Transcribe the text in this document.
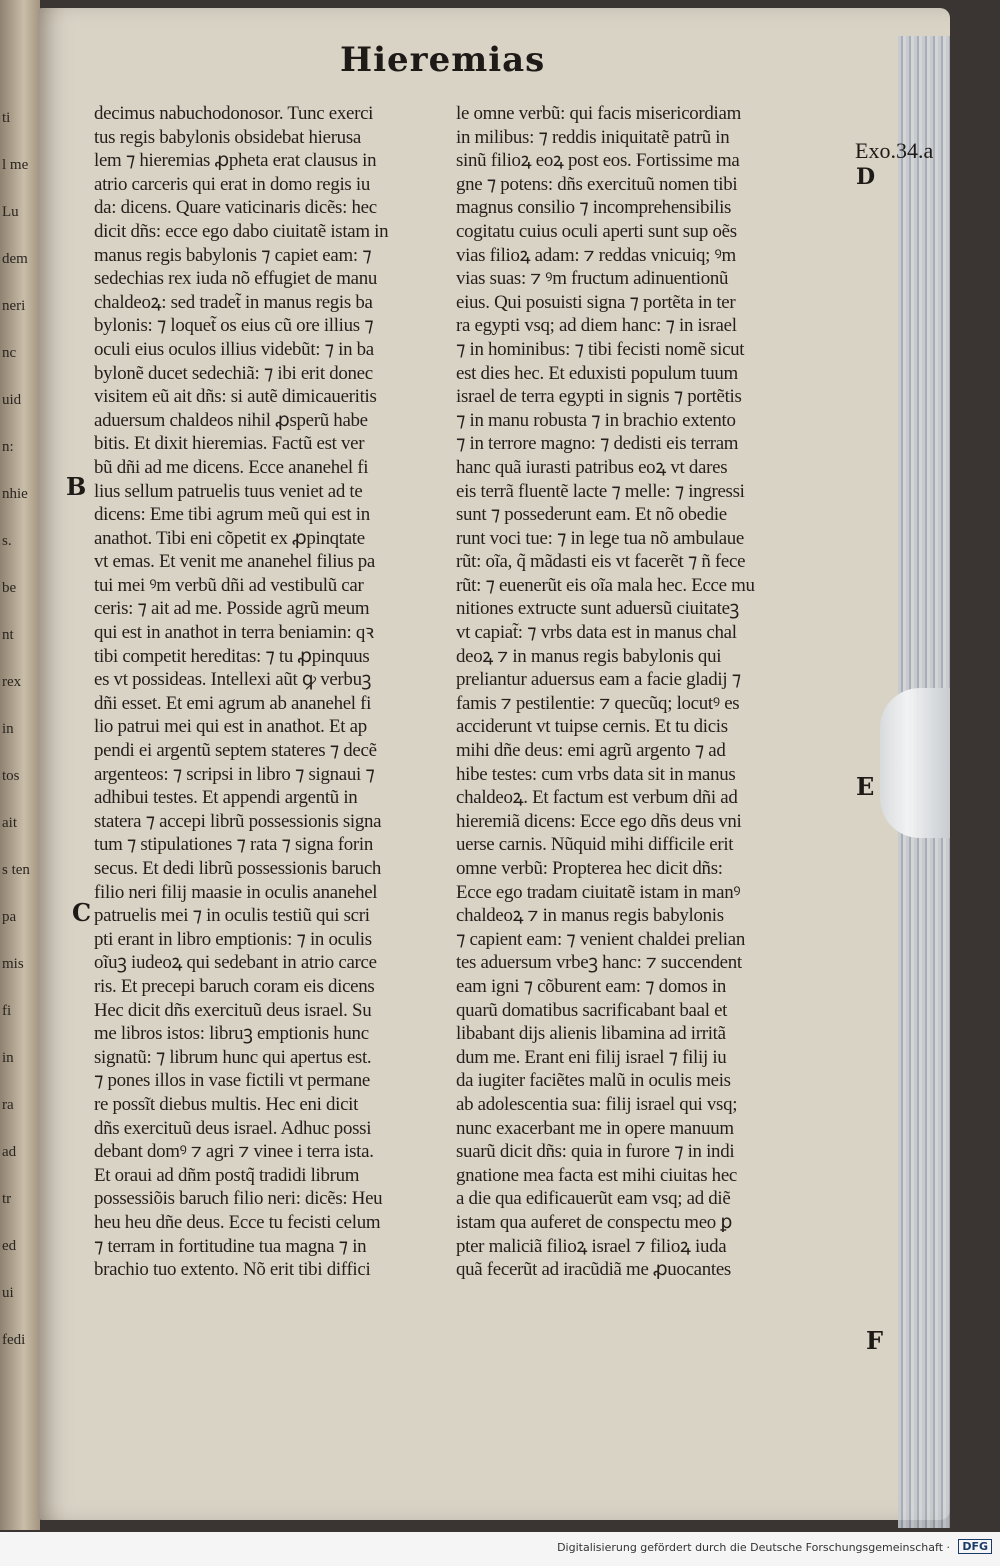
ti
l me
Lu
dem
neri
nc
uid
n:
nhie
s.
be
nt
rex
in
tos
ait
s ten
pa
mis
fi
in
ra
ad
tr
ed
ui
fedi
Hieremias
decimus nabuchodonosor. Tunc exerci
tus regis babylonis obsidebat hierusa
lem ⁊ hieremias ꝓpheta erat clausus in
atrio carceris qui erat in domo regis iu
da: dicens. Quare vaticinaris dicẽs: hec
dicit dñs: ecce ego dabo ciuitatẽ istam in
manus regis babylonis ⁊ capiet eam: ⁊
sedechias rex iuda nõ effugiet de manu
chaldeoꝝ: sed tradet̃ in manus regis ba
bylonis: ⁊ loquet̃ os eius cũ ore illius ⁊
oculi eius oculos illius videbũt: ⁊ in ba
bylonẽ ducet sedechiã: ⁊ ibi erit donec
visitem eũ ait dñs: si autẽ dimicaueritis
aduersum chaldeos nihil ꝓsperũ habe
bitis. Et dixit hieremias. Factũ est ver
bũ dñi ad me dicens. Ecce ananehel fi
lius sellum patruelis tuus veniet ad te
dicens: Eme tibi agrum meũ qui est in
anathot. Tibi eni cõpetit ex ꝓpinqtate
vt emas. Et venit me ananehel filius pa
tui mei ꝰm verbũ dñi ad vestibulũ car
ceris: ⁊ ait ad me. Posside agrũ meum
qui est in anathot in terra beniamin: qꝛ
tibi competit hereditas: ⁊ tu ꝓpinquus
es vt possideas. Intellexi aũt ꝙ verbuꝫ
dñi esset. Et emi agrum ab ananehel fi
lio patrui mei qui est in anathot. Et ap
pendi ei argentũ septem stateres ⁊ decẽ
argenteos: ⁊ scripsi in libro ⁊ signaui ⁊
adhibui testes. Et appendi argentũ in
statera ⁊ accepi librũ possessionis signa
tum ⁊ stipulationes ⁊ rata ⁊ signa forin
secus. Et dedi librũ possessionis baruch
filio neri filij maasie in oculis ananehel
patruelis mei ⁊ in oculis testiũ qui scri
pti erant in libro emptionis: ⁊ in oculis
oĩuꝫ iudeoꝝ qui sedebant in atrio carce
ris. Et precepi baruch coram eis dicens
Hec dicit dñs exercituũ deus israel. Su
me libros istos: libruꝫ emptionis hunc
signatũ: ⁊ librum hunc qui apertus est.
⁊ pones illos in vase fictili vt permane
re possĩt diebus multis. Hec eni dicit
dñs exercituũ deus israel. Adhuc possi
debant domꝰ ⁊ agri ⁊ vinee i terra ista.
Et oraui ad dñm postq̃ tradidi librum
possessiõis baruch filio neri: dicẽs: Heu
heu heu dñe deus. Ecce tu fecisti celum
⁊ terram in fortitudine tua magna ⁊ in
brachio tuo extento. Nõ erit tibi diffici
le omne verbũ: qui facis misericordiam
in milibus: ⁊ reddis iniquitatẽ patrũ in
sinũ filioꝝ eoꝝ post eos. Fortissime ma
gne ⁊ potens: dñs exercituũ nomen tibi
magnus consilio ⁊ incomprehensibilis
cogitatu cuius oculi aperti sunt sup oẽs
vias filioꝝ adam: ⁊ reddas vnicuiq; ꝰm
vias suas: ⁊ ꝰm fructum adinuentionũ
eius. Qui posuisti signa ⁊ portẽta in ter
ra egypti vsq; ad diem hanc: ⁊ in israel
⁊ in hominibus: ⁊ tibi fecisti nomẽ sicut
est dies hec. Et eduxisti populum tuum
israel de terra egypti in signis ⁊ portẽtis
⁊ in manu robusta ⁊ in brachio extento
⁊ in terrore magno: ⁊ dedisti eis terram
hanc quã iurasti patribus eoꝝ vt dares
eis terrã fluentẽ lacte ⁊ melle: ⁊ ingressi
sunt ⁊ possederunt eam. Et nõ obedie
runt voci tue: ⁊ in lege tua nõ ambulaue
rũt: oĩa, q̃ mãdasti eis vt facerẽt ⁊ ñ fece
rũt: ⁊ euenerũt eis oĩa mala hec. Ecce mu
nitiones extructe sunt aduersũ ciuitateꝫ
vt capiat̃: ⁊ vrbs data est in manus chal
deoꝝ ⁊ in manus regis babylonis qui
preliantur aduersus eam a facie gladij ⁊
famis ⁊ pestilentie: ⁊ quecũq; locutꝰ es
acciderunt vt tuipse cernis. Et tu dicis
mihi dñe deus: emi agrũ argento ⁊ ad
hibe testes: cum vrbs data sit in manus
chaldeoꝝ. Et factum est verbum dñi ad
hieremiã dicens: Ecce ego dñs deus vni
uerse carnis. Nũquid mihi difficile erit
omne verbũ: Propterea hec dicit dñs:
Ecce ego tradam ciuitatẽ istam in manꝰ
chaldeoꝝ ⁊ in manus regis babylonis
⁊ capient eam: ⁊ venient chaldei prelian
tes aduersum vrbeꝫ hanc: ⁊ succendent
eam igni ⁊ cõburent eam: ⁊ domos in
quarũ domatibus sacrificabant baal et
libabant dijs alienis libamina ad irritã
dum me. Erant eni filij israel ⁊ filij iu
da iugiter faciẽtes malũ in oculis meis
ab adolescentia sua: filij israel qui vsq;
nunc exacerbant me in opere manuum
suarũ dicit dñs: quia in furore ⁊ in indi
gnatione mea facta est mihi ciuitas hec
a die qua edificauerũt eam vsq; ad diẽ
istam qua auferet de conspectu meo ꝑ
pter maliciã filioꝝ israel ⁊ filioꝝ iuda
quã fecerũt ad iracũdiã me ꝓuocantes
Exo.34.a
B
C
D
E
F
Digitalisierung gefördert durch die Deutsche Forschungsgemeinschaft ·	DFG
